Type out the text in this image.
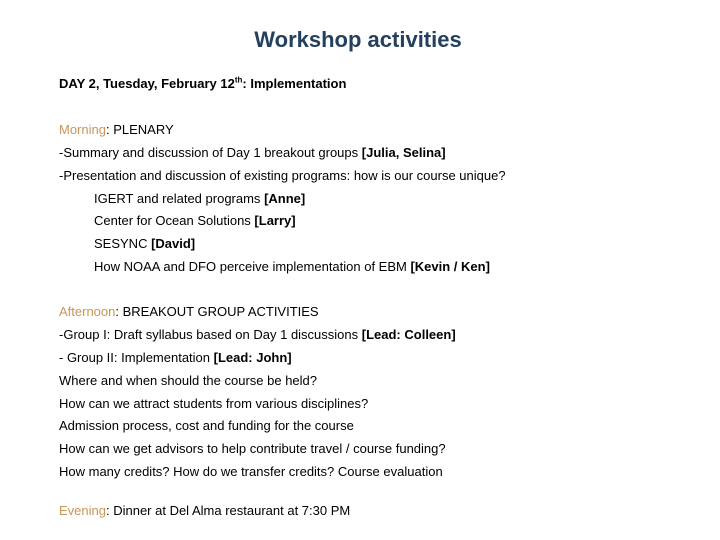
Workshop activities
DAY 2, Tuesday, February 12th: Implementation
Morning: PLENARY
-Summary and discussion of Day 1 breakout groups [Julia, Selina]
-Presentation and discussion of existing programs: how is our course unique?
IGERT and related programs [Anne]
Center for Ocean Solutions [Larry]
SESYNC [David]
How NOAA and DFO perceive implementation of EBM [Kevin / Ken]
Afternoon: BREAKOUT GROUP ACTIVITIES
-Group I: Draft syllabus based on Day 1 discussions [Lead: Colleen]
- Group II: Implementation [Lead: John]
Where and when should the course be held?
How can we attract students from various disciplines?
Admission process, cost and funding for the course
How can we get advisors to help contribute travel / course funding?
How many credits? How do we transfer credits? Course evaluation
Evening: Dinner at Del Alma restaurant at 7:30 PM
